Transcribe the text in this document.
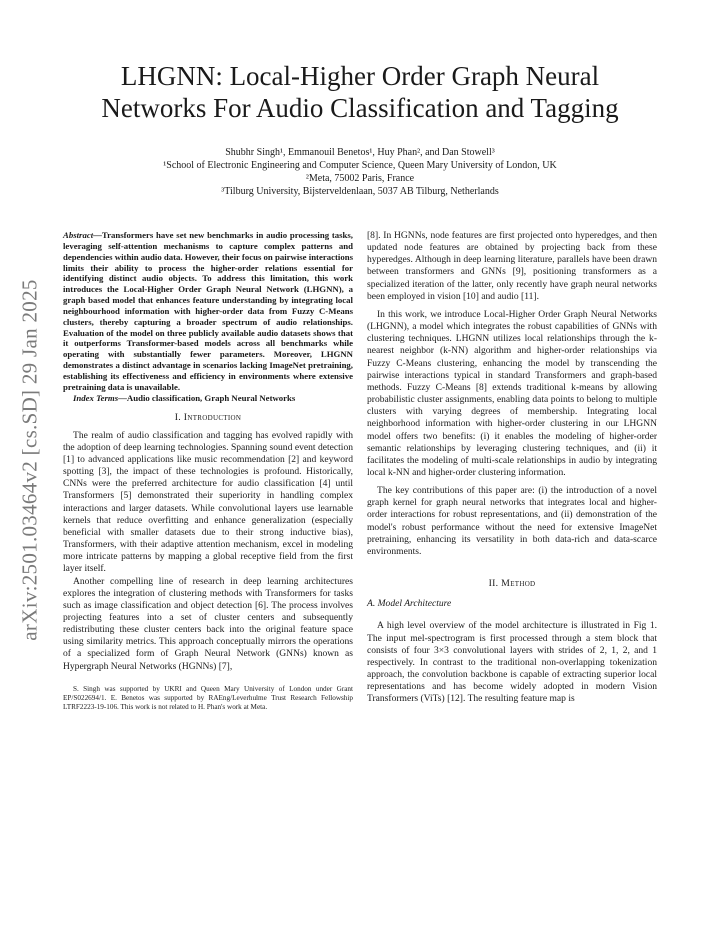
arXiv:2501.03464v2 [cs.SD] 29 Jan 2025
LHGNN: Local-Higher Order Graph Neural
Networks For Audio Classification and Tagging
Shubhr Singh¹, Emmanouil Benetos¹, Huy Phan², and Dan Stowell³
¹School of Electronic Engineering and Computer Science, Queen Mary University of London, UK
²Meta, 75002 Paris, France
³Tilburg University, Bijsterveldenlaan, 5037 AB Tilburg, Netherlands

Abstract—Transformers have set new benchmarks in audio processing tasks, leveraging self-attention mechanisms to capture complex patterns and dependencies within audio data. However, their focus on pairwise interactions limits their ability to process the higher-order relations essential for identifying distinct audio objects. To address this limitation, this work introduces the Local-Higher Order Graph Neural Network (LHGNN), a graph based model that enhances feature understanding by integrating local neighbourhood information with higher-order data from Fuzzy C-Means clusters, thereby capturing a broader spectrum of audio relationships. Evaluation of the model on three publicly available audio datasets shows that it outperforms Transformer-based models across all benchmarks while operating with substantially fewer parameters. Moreover, LHGNN demonstrates a distinct advantage in scenarios lacking ImageNet pretraining, establishing its effectiveness and efficiency in environments where extensive pretraining data is unavailable.

Index Terms—Audio classification, Graph Neural Networks

I. Introduction

The realm of audio classification and tagging has evolved rapidly with the adoption of deep learning technologies. Spanning sound event detection [1] to advanced applications like music recommendation [2] and keyword spotting [3], the impact of these technologies is profound. Historically, CNNs were the preferred architecture for audio classification [4] until Transformers [5] demonstrated their superiority in handling complex interactions and larger datasets. While convolutional layers use learnable kernels that reduce overfitting and enhance generalization (especially beneficial with smaller datasets due to their strong inductive bias), Transformers, with their adaptive attention mechanism, excel in modeling more intricate patterns by mapping a global receptive field from the first layer itself.

Another compelling line of research in deep learning architectures explores the integration of clustering methods with Transformers for tasks such as image classification and object detection [6]. The process involves projecting features into a set of cluster centers and subsequently redistributing these cluster centers back into the original feature space using similarity metrics. This approach conceptually mirrors the operations of a specialized form of Graph Neural Network (GNNs) known as Hypergraph Neural Networks (HGNNs) [7],

S. Singh was supported by UKRI and Queen Mary University of London under Grant EP/S022694/1. E. Benetos was supported by RAEng/Leverhulme Trust Research Fellowship LTRF2223-19-106. This work is not related to H. Phan's work at Meta.

[8]. In HGNNs, node features are first projected onto hyperedges, and then updated node features are obtained by projecting back from these hyperedges. Although in deep learning literature, parallels have been drawn between transformers and GNNs [9], positioning transformers as a specialized iteration of the latter, only recently have graph neural networks been employed in vision [10] and audio [11].

In this work, we introduce Local-Higher Order Graph Neural Networks (LHGNN), a model which integrates the robust capabilities of GNNs with clustering techniques. LHGNN utilizes local relationships through the k-nearest neighbor (k-NN) algorithm and higher-order relationships via Fuzzy C-Means clustering, enhancing the model by transcending the pairwise interactions typical in standard Transformers and graph-based methods. Fuzzy C-Means [8] extends traditional k-means by allowing probabilistic cluster assignments, enabling data points to belong to multiple clusters with varying degrees of membership. Integrating local neighborhood information with higher-order clustering in our LHGNN model offers two benefits: (i) it enables the modeling of higher-order semantic relationships by leveraging clustering techniques, and (ii) it facilitates the modeling of multi-scale relationships in audio by integrating local k-NN and higher-order clustering information.

The key contributions of this paper are: (i) the introduction of a novel graph kernel for graph neural networks that integrates local and higher-order interactions for robust representations, and (ii) demonstration of the model's robust performance without the need for extensive ImageNet pretraining, enhancing its versatility in both data-rich and data-scarce environments.

II. Method
A. Model Architecture

A high level overview of the model architecture is illustrated in Fig 1. The input mel-spectrogram is first processed through a stem block that consists of four 3×3 convolutional layers with strides of 2, 1, 2, and 1 respectively. In contrast to the traditional non-overlapping tokenization approach, the convolution backbone is capable of extracting superior local representations and has become widely adopted in modern Vision Transformers (ViTs) [12]. The resulting feature map is
